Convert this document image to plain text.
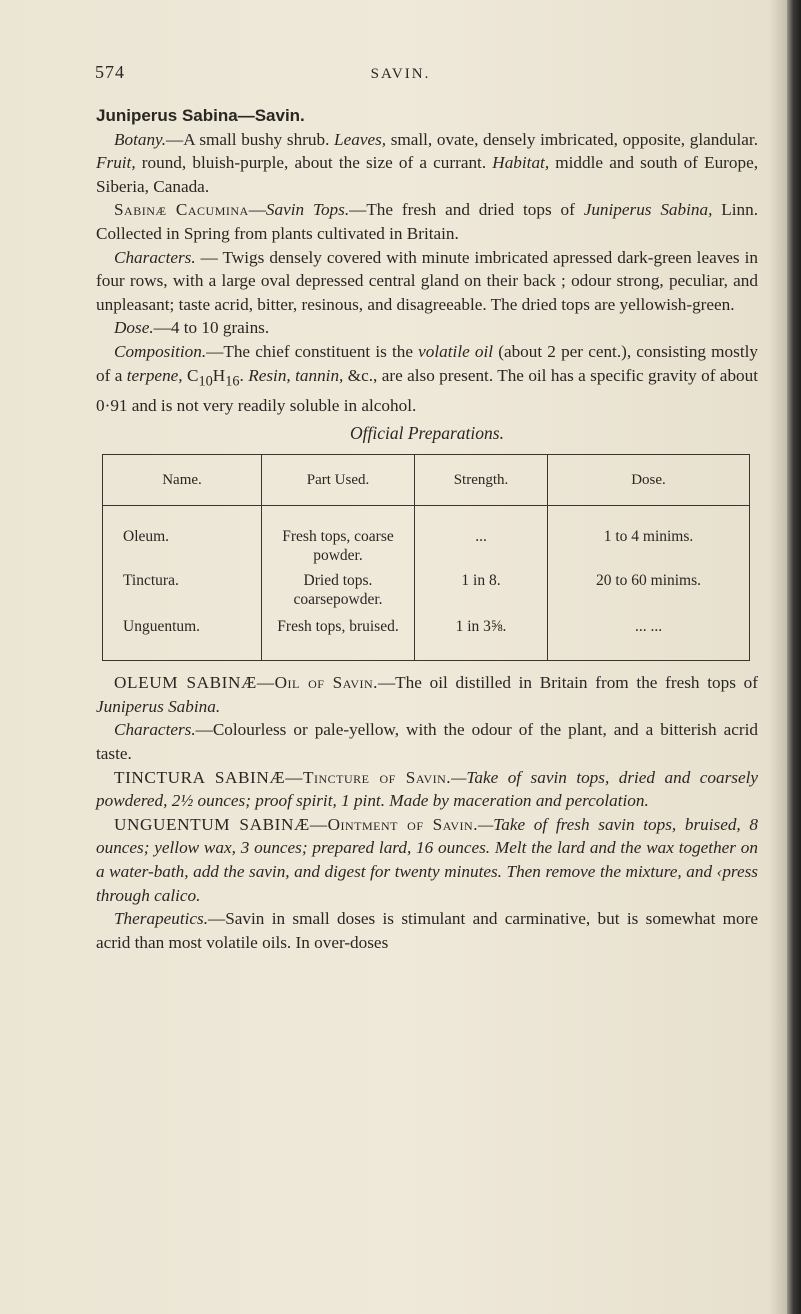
574	SAVIN.

Juniperus Sabina—Savin.

Botany.—A small bushy shrub. Leaves, small, ovate, densely imbricated, opposite, glandular. Fruit, round, bluish-purple, about the size of a currant. Habitat, middle and south of Europe, Siberia, Canada.

Sabinæ Cacumina—Savin Tops.—The fresh and dried tops of Juniperus Sabina, Linn. Collected in Spring from plants cultivated in Britain.

Characters. — Twigs densely covered with minute imbricated apressed dark-green leaves in four rows, with a large oval depressed central gland on their back ; odour strong, peculiar, and unpleasant; taste acrid, bitter, resinous, and disagreeable. The dried tops are yellowish-green.

Dose.—4 to 10 grains.

Composition.—The chief constituent is the volatile oil (about 2 per cent.), consisting mostly of a terpene, $C_{10}H_{16}$. Resin, tannin, &c., are also present. The oil has a specific gravity of about 0·91 and is not very readily soluble in alcohol.

Official Preparations.
Name.	Part Used.	Strength.	Dose.

Oleum.	Fresh tops, coarse powder.	...	1 to 4 minims.

Tinctura.	Dried tops. coarsepowder.	1 in 8.	20 to 60 minims.

Unguentum.	Fresh tops, bruised.	1 in 3⅝.	... ...

OLEUM SABINÆ—Oil of Savin.—The oil distilled in Britain from the fresh tops of Juniperus Sabina.

Characters.—Colourless or pale-yellow, with the odour of the plant, and a bitterish acrid taste.

TINCTURA SABINÆ—Tincture of Savin.—Take of savin tops, dried and coarsely powdered, 2½ ounces; proof spirit, 1 pint. Made by maceration and percolation.

UNGUENTUM SABINÆ—Ointment of Savin.—Take of fresh savin tops, bruised, 8 ounces; yellow wax, 3 ounces; prepared lard, 16 ounces. Melt the lard and the wax together on a water-bath, add the savin, and digest for twenty minutes. Then remove the mixture, and ‹press through calico.

Therapeutics.—Savin in small doses is stimulant and carminative, but is somewhat more acrid than most volatile oils. In over-doses
